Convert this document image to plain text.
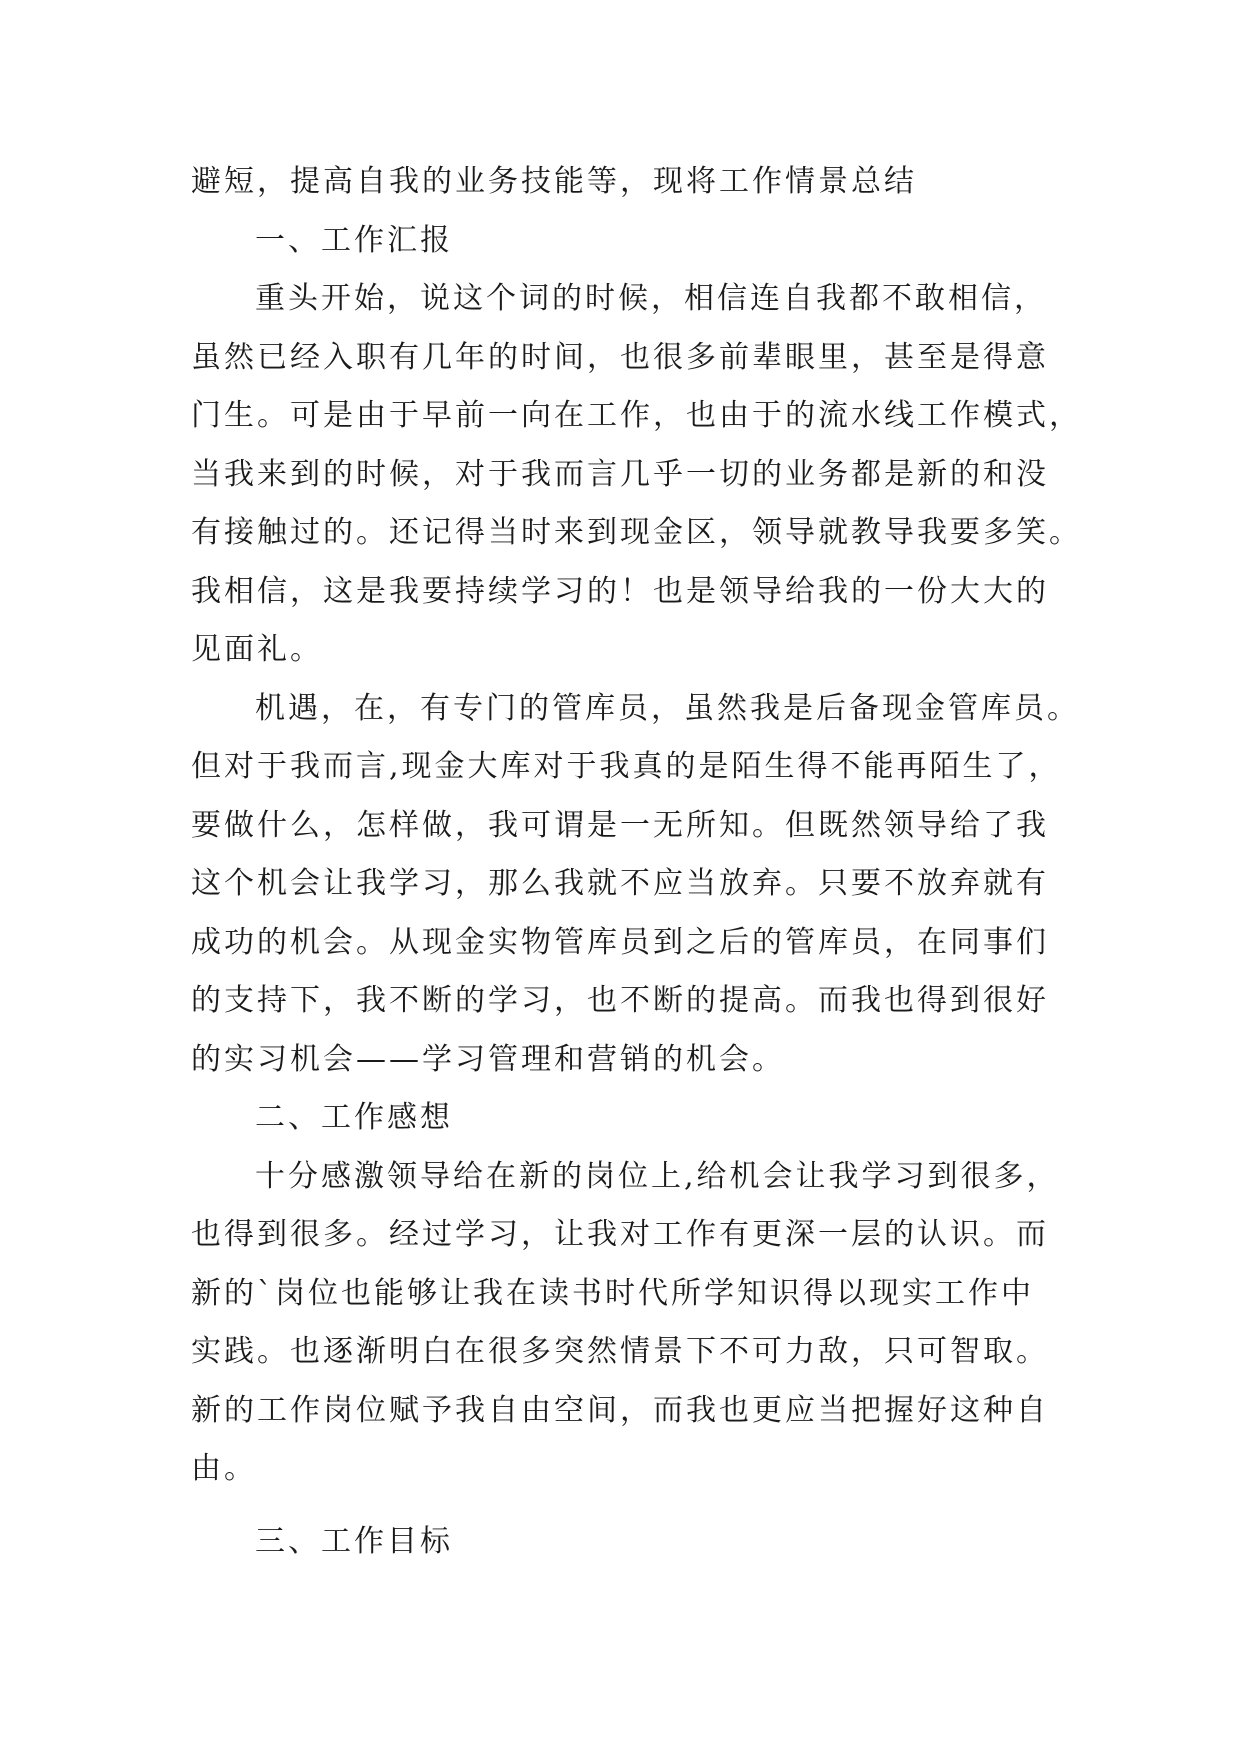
避短，提高自我的业务技能等，现将工作情景总结
一、工作汇报
重头开始，说这个词的时候，相信连自我都不敢相信，
虽然已经入职有几年的时间，也很多前辈眼里，甚至是得意
门生。可是由于早前一向在工作，也由于的流水线工作模式，
当我来到的时候，对于我而言几乎一切的业务都是新的和没
有接触过的。还记得当时来到现金区，领导就教导我要多笑。
我相信，这是我要持续学习的！也是领导给我的一份大大的
见面礼。
机遇，在，有专门的管库员，虽然我是后备现金管库员。
但对于我而言,现金大库对于我真的是陌生得不能再陌生了，
要做什么，怎样做，我可谓是一无所知。但既然领导给了我
这个机会让我学习，那么我就不应当放弃。只要不放弃就有
成功的机会。从现金实物管库员到之后的管库员，在同事们
的支持下，我不断的学习，也不断的提高。而我也得到很好
的实习机会——学习管理和营销的机会。
二、工作感想
十分感激领导给在新的岗位上,给机会让我学习到很多，
也得到很多。经过学习，让我对工作有更深一层的认识。而
新的`岗位也能够让我在读书时代所学知识得以现实工作中
实践。也逐渐明白在很多突然情景下不可力敌，只可智取。
新的工作岗位赋予我自由空间，而我也更应当把握好这种自
由。
三、工作目标
